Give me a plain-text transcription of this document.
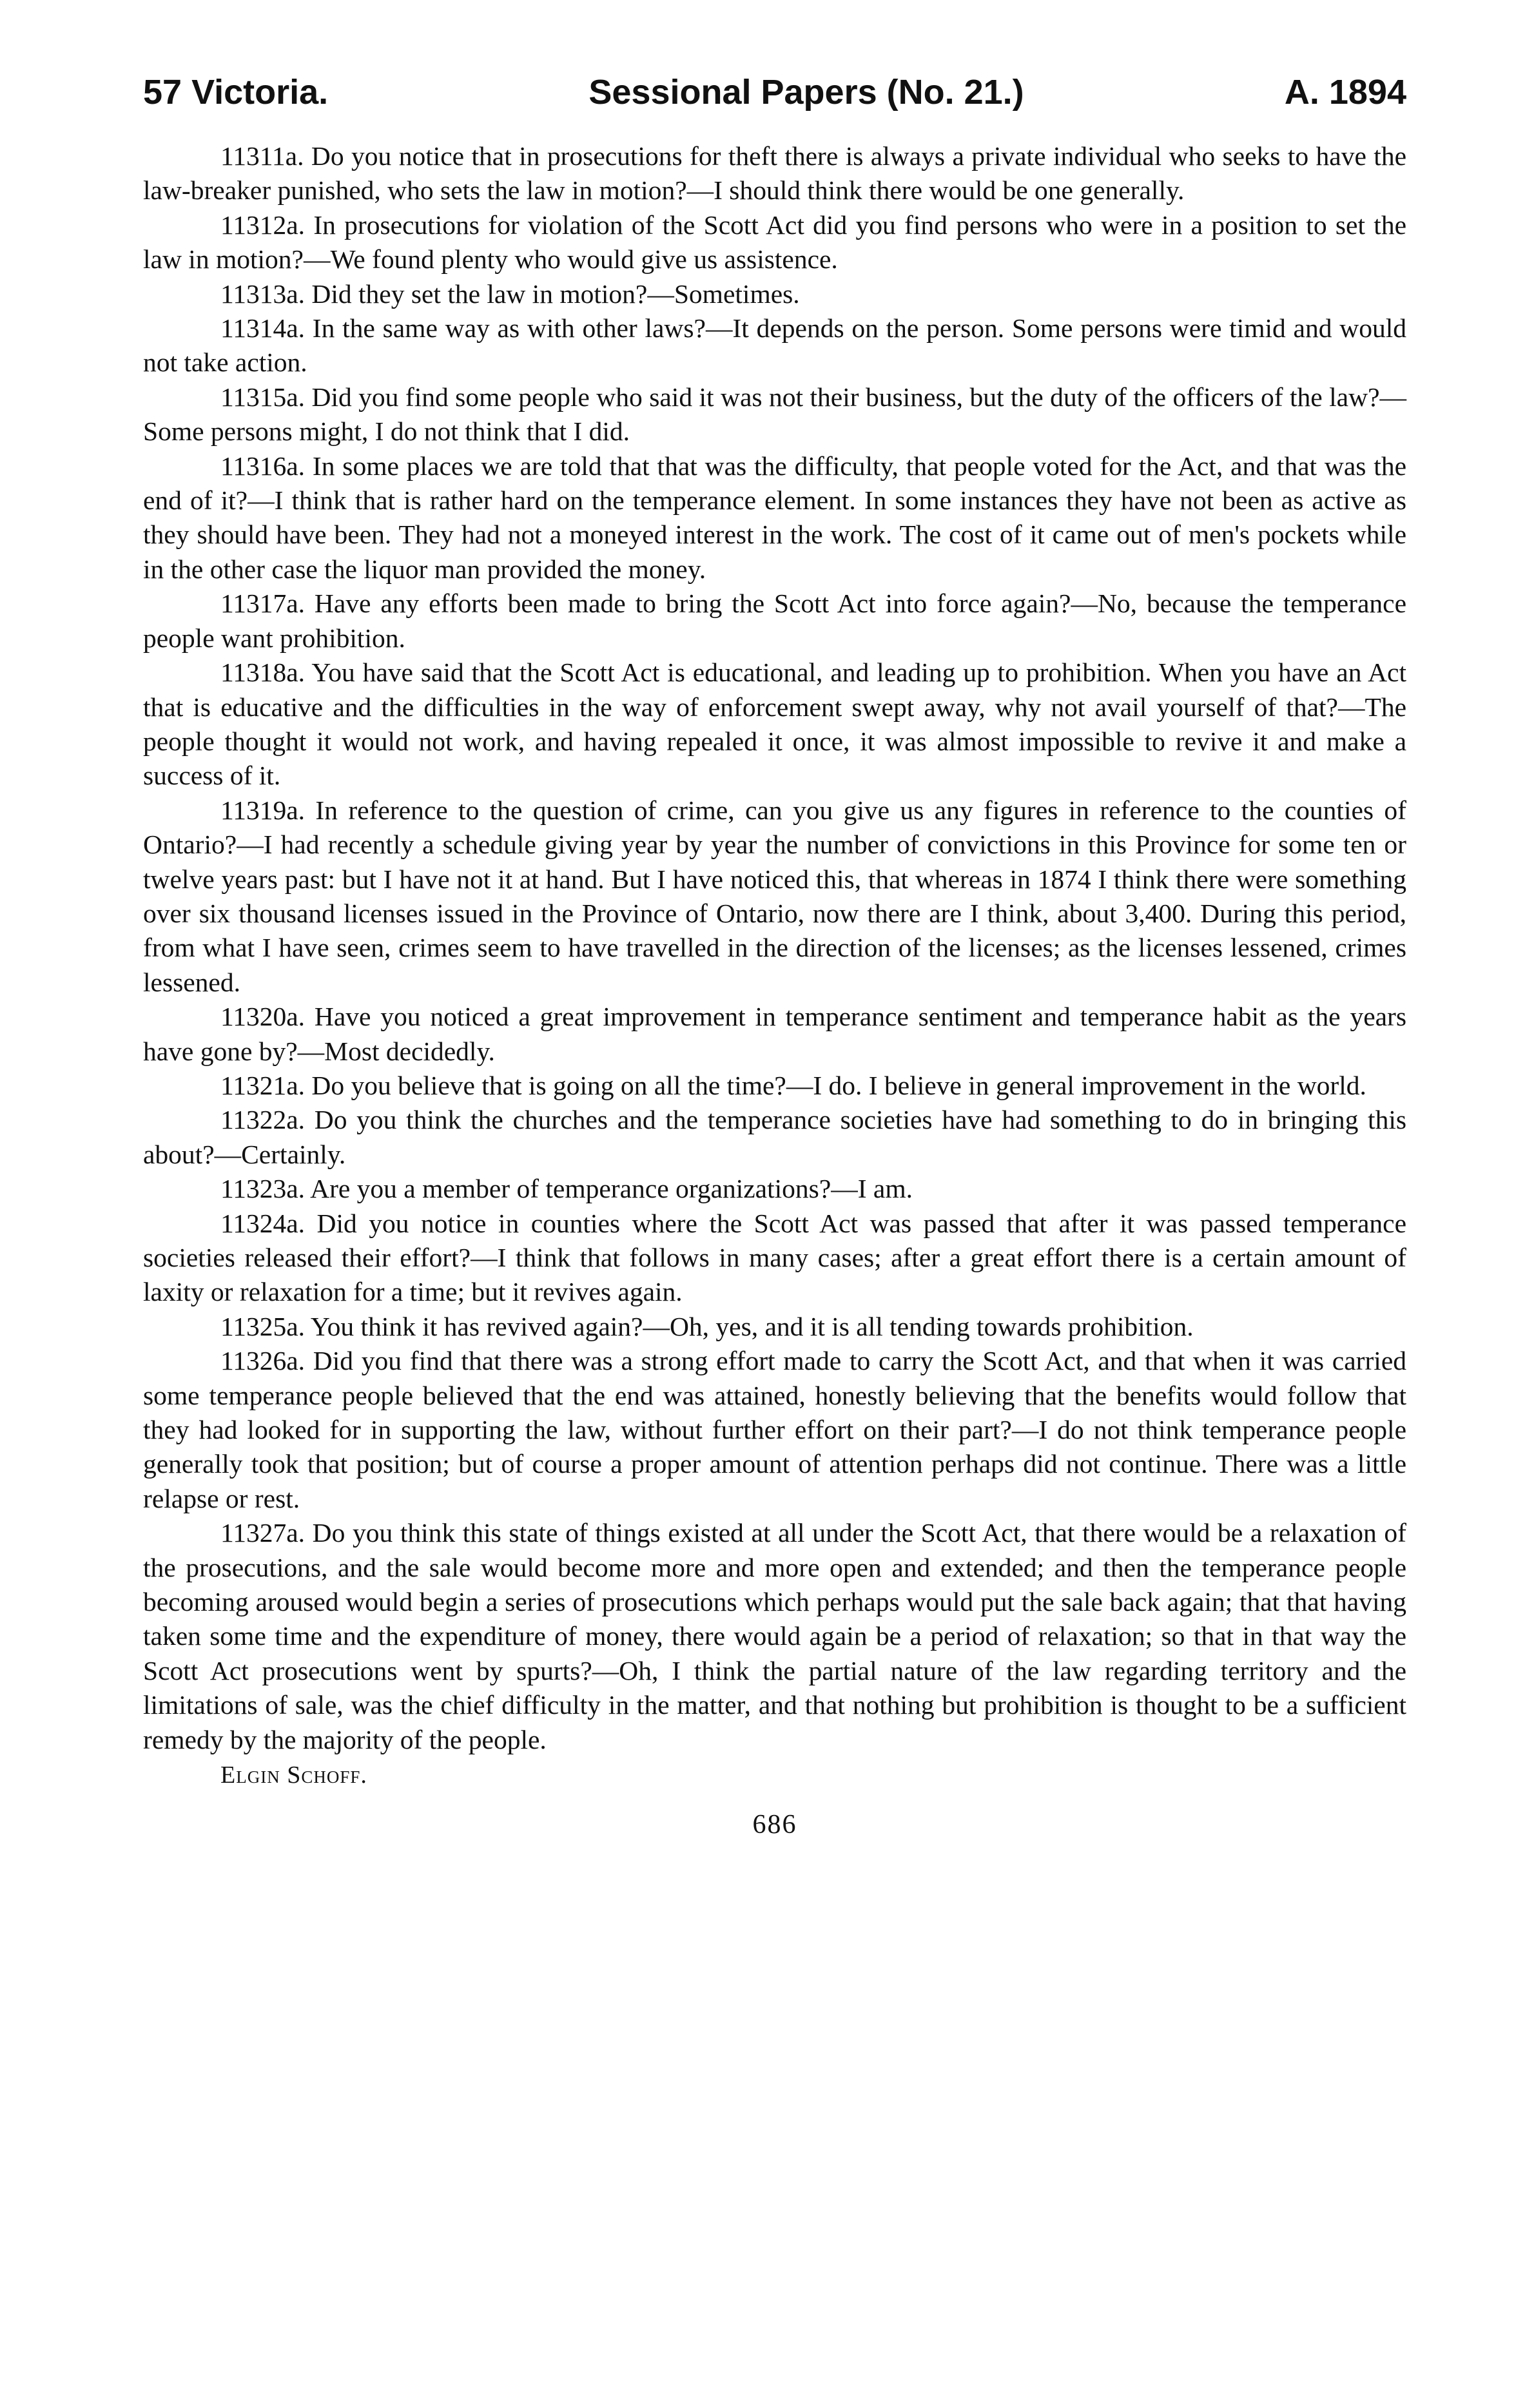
57 Victoria.	Sessional Papers (No. 21.)	A. 1894

11311a. Do you notice that in prosecutions for theft there is always a private individual who seeks to have the law-breaker punished, who sets the law in motion?—I should think there would be one generally.

11312a. In prosecutions for violation of the Scott Act did you find persons who were in a position to set the law in motion?—We found plenty who would give us assistence.

11313a. Did they set the law in motion?—Sometimes.

11314a. In the same way as with other laws?—It depends on the person. Some persons were timid and would not take action.

11315a. Did you find some people who said it was not their business, but the duty of the officers of the law?—Some persons might, I do not think that I did.

11316a. In some places we are told that that was the difficulty, that people voted for the Act, and that was the end of it?—I think that is rather hard on the temperance element. In some instances they have not been as active as they should have been. They had not a moneyed interest in the work. The cost of it came out of men's pockets while in the other case the liquor man provided the money.

11317a. Have any efforts been made to bring the Scott Act into force again?—No, because the temperance people want prohibition.

11318a. You have said that the Scott Act is educational, and leading up to prohibition. When you have an Act that is educative and the difficulties in the way of enforcement swept away, why not avail yourself of that?—The people thought it would not work, and having repealed it once, it was almost impossible to revive it and make a success of it.

11319a. In reference to the question of crime, can you give us any figures in reference to the counties of Ontario?—I had recently a schedule giving year by year the number of convictions in this Province for some ten or twelve years past: but I have not it at hand. But I have noticed this, that whereas in 1874 I think there were something over six thousand licenses issued in the Province of Ontario, now there are I think, about 3,400. During this period, from what I have seen, crimes seem to have travelled in the direction of the licenses; as the licenses lessened, crimes lessened.

11320a. Have you noticed a great improvement in temperance sentiment and temperance habit as the years have gone by?—Most decidedly.

11321a. Do you believe that is going on all the time?—I do. I believe in general improvement in the world.

11322a. Do you think the churches and the temperance societies have had something to do in bringing this about?—Certainly.

11323a. Are you a member of temperance organizations?—I am.

11324a. Did you notice in counties where the Scott Act was passed that after it was passed temperance societies released their effort?—I think that follows in many cases; after a great effort there is a certain amount of laxity or relaxation for a time; but it revives again.

11325a. You think it has revived again?—Oh, yes, and it is all tending towards prohibition.

11326a. Did you find that there was a strong effort made to carry the Scott Act, and that when it was carried some temperance people believed that the end was attained, honestly believing that the benefits would follow that they had looked for in supporting the law, without further effort on their part?—I do not think temperance people generally took that position; but of course a proper amount of attention perhaps did not continue. There was a little relapse or rest.

11327a. Do you think this state of things existed at all under the Scott Act, that there would be a relaxation of the prosecutions, and the sale would become more and more open and extended; and then the temperance people becoming aroused would begin a series of prosecutions which perhaps would put the sale back again; that that having taken some time and the expenditure of money, there would again be a period of relaxation; so that in that way the Scott Act prosecutions went by spurts?—Oh, I think the partial nature of the law regarding territory and the limitations of sale, was the chief difficulty in the matter, and that nothing but prohibition is thought to be a sufficient remedy by the majority of the people.

Elgin Schoff.
686
